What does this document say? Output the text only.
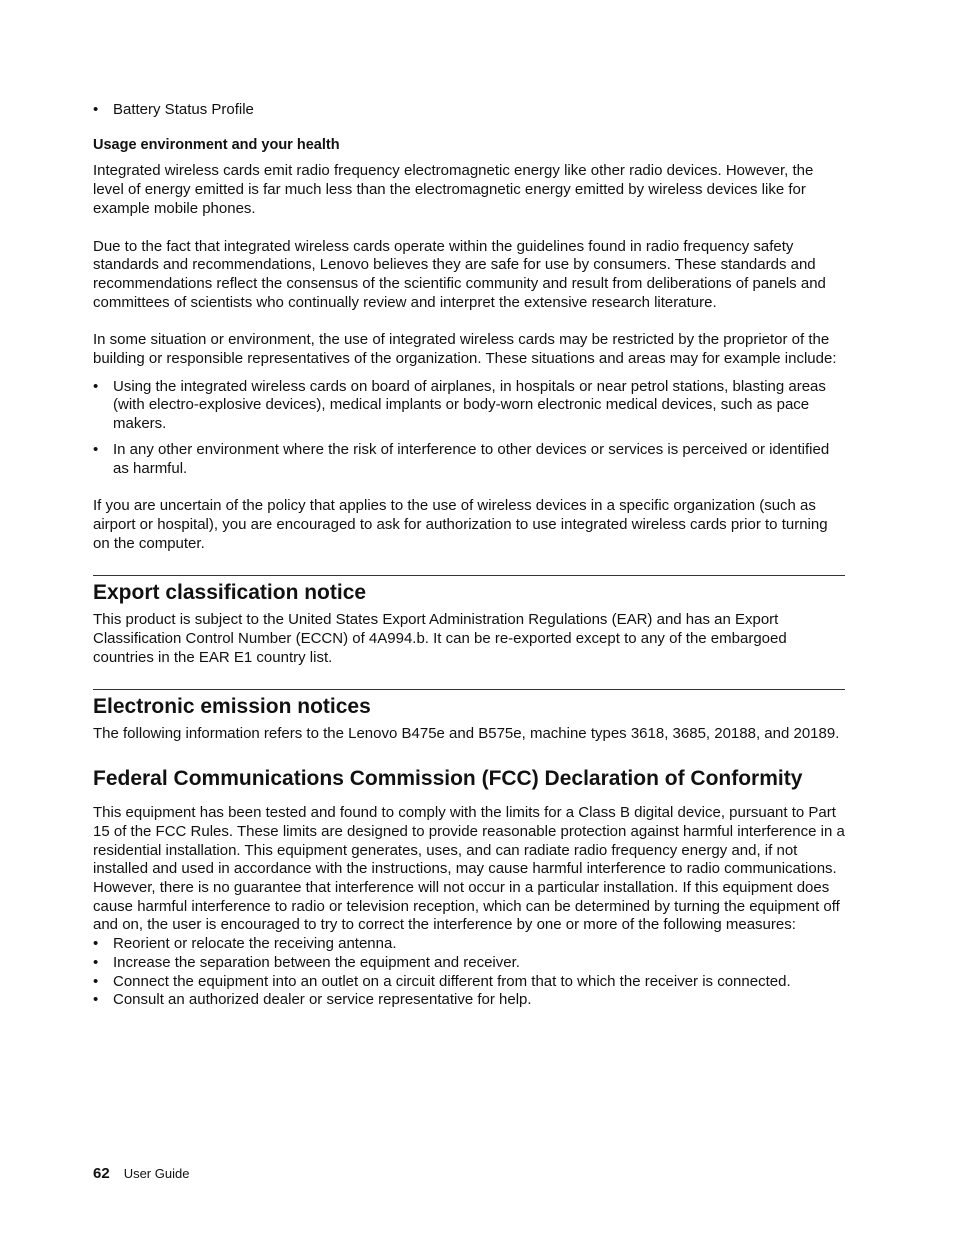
• Battery Status Profile

Usage environment and your health

Integrated wireless cards emit radio frequency electromagnetic energy like other radio devices. However, the level of energy emitted is far much less than the electromagnetic energy emitted by wireless devices like for example mobile phones.

Due to the fact that integrated wireless cards operate within the guidelines found in radio frequency safety standards and recommendations, Lenovo believes they are safe for use by consumers. These standards and recommendations reflect the consensus of the scientific community and result from deliberations of panels and committees of scientists who continually review and interpret the extensive research literature.

In some situation or environment, the use of integrated wireless cards may be restricted by the proprietor of the building or responsible representatives of the organization. These situations and areas may for example include:

• Using the integrated wireless cards on board of airplanes, in hospitals or near petrol stations, blasting areas (with electro-explosive devices), medical implants or body-worn electronic medical devices, such as pace makers.
• In any other environment where the risk of interference to other devices or services is perceived or identified as harmful.

If you are uncertain of the policy that applies to the use of wireless devices in a specific organization (such as airport or hospital), you are encouraged to ask for authorization to use integrated wireless cards prior to turning on the computer.

Export classification notice

This product is subject to the United States Export Administration Regulations (EAR) and has an Export Classification Control Number (ECCN) of 4A994.b. It can be re-exported except to any of the embargoed countries in the EAR E1 country list.

Electronic emission notices

The following information refers to the Lenovo B475e and B575e, machine types 3618, 3685, 20188, and 20189.

Federal Communications Commission (FCC) Declaration of Conformity

This equipment has been tested and found to comply with the limits for a Class B digital device, pursuant to Part 15 of the FCC Rules. These limits are designed to provide reasonable protection against harmful interference in a residential installation. This equipment generates, uses, and can radiate radio frequency energy and, if not installed and used in accordance with the instructions, may cause harmful interference to radio communications. However, there is no guarantee that interference will not occur in a particular installation. If this equipment does cause harmful interference to radio or television reception, which can be determined by turning the equipment off and on, the user is encouraged to try to correct the interference by one or more of the following measures:

• Reorient or relocate the receiving antenna.
• Increase the separation between the equipment and receiver.
• Connect the equipment into an outlet on a circuit different from that to which the receiver is connected.
• Consult an authorized dealer or service representative for help.
62 User Guide
